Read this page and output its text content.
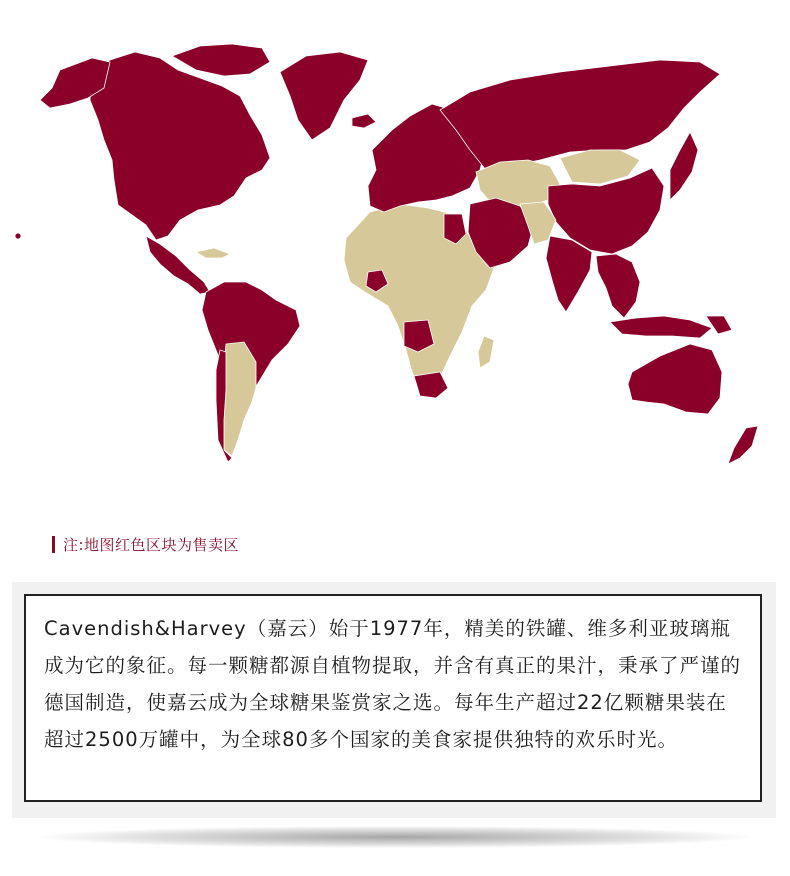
注:地图红色区块为售卖区

Cavendish&Harvey（嘉云）始于1977年，精美的铁罐、维多利亚玻璃瓶成为它的象征。每一颗糖都源自植物提取，并含有真正的果汁，秉承了严谨的德国制造，使嘉云成为全球糖果鉴赏家之选。每年生产超过22亿颗糖果装在超过2500万罐中，为全球80多个国家的美食家提供独特的欢乐时光。
